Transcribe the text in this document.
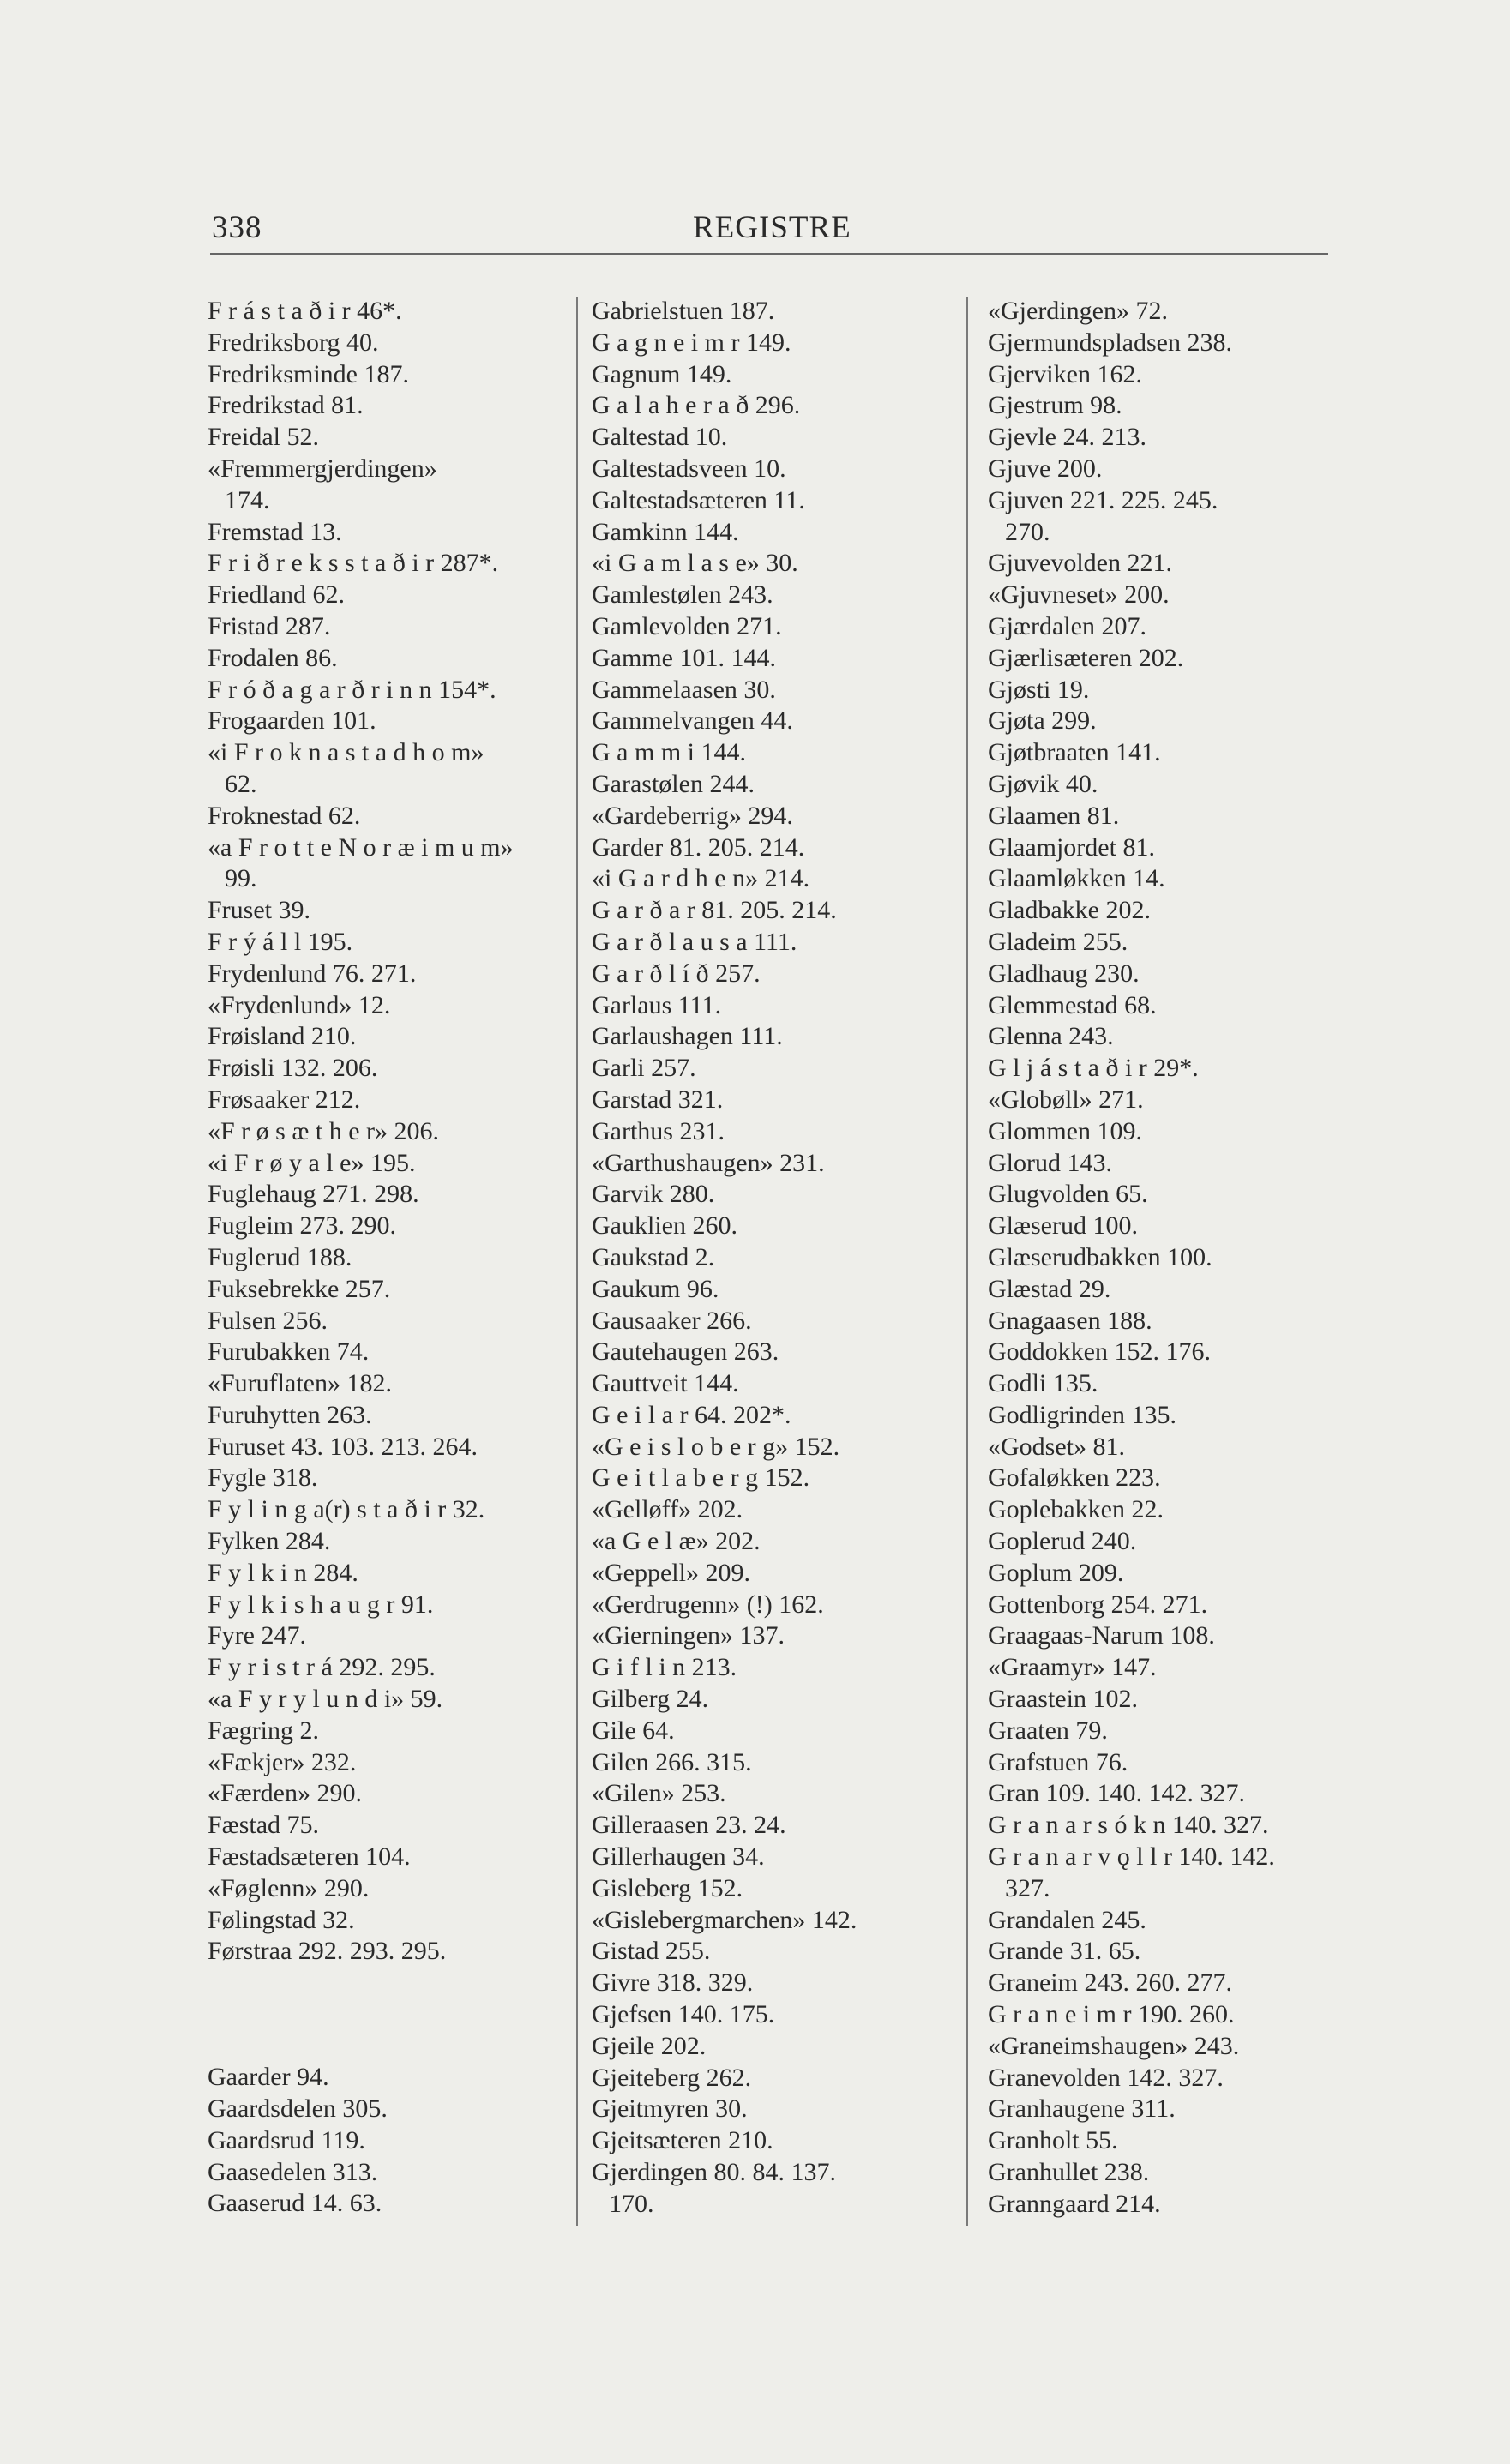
338	REGISTRE
F r á s t a ð i r 46*.
Fredriksborg 40.
Fredriksminde 187.
Fredrikstad 81.
Freidal 52.
«Fremmergjerdingen»
174.
Fremstad 13.
F r i ð r e k s s t a ð i r 287*.
Friedland 62.
Fristad 287.
Frodalen 86.
F r ó ð a g a r ð r i n n 154*.
Frogaarden 101.
«i F r o k n a s t a d h o m»
62.
Froknestad 62.
«a F r o t t e N o r æ i m u m»
99.
Fruset 39.
F r ý á l l 195.
Frydenlund 76. 271.
«Frydenlund» 12.
Frøisland 210.
Frøisli 132. 206.
Frøsaaker 212.
«F r ø s æ t h e r» 206.
«i F r ø y a l e» 195.
Fuglehaug 271. 298.
Fugleim 273. 290.
Fuglerud 188.
Fuksebrekke 257.
Fulsen 256.
Furubakken 74.
«Furuflaten» 182.
Furuhytten 263.
Furuset 43. 103. 213. 264.
Fygle 318.
F y l i n g a(r) s t a ð i r 32.
Fylken 284.
F y l k i n 284.
F y l k i s h a u g r 91.
Fyre 247.
F y r i s t r á 292. 295.
«a F y r y l u n d i» 59.
Fægring 2.
«Fækjer» 232.
«Færden» 290.
Fæstad 75.
Fæstadsæteren 104.
«Føglenn» 290.
Følingstad 32.
Førstraa 292. 293. 295.
Gaarder 94.
Gaardsdelen 305.
Gaardsrud 119.
Gaasedelen 313.
Gaaserud 14. 63.
Gabrielstuen 187.
G a g n e i m r 149.
Gagnum 149.
G a l a h e r a ð 296.
Galtestad 10.
Galtestadsveen 10.
Galtestadsæteren 11.
Gamkinn 144.
«i G a m l a s e» 30.
Gamlestølen 243.
Gamlevolden 271.
Gamme 101. 144.
Gammelaasen 30.
Gammelvangen 44.
G a m m i 144.
Garastølen 244.
«Gardeberrig» 294.
Garder 81. 205. 214.
«i G a r d h e n» 214.
G a r ð a r 81. 205. 214.
G a r ð l a u s a 111.
G a r ð l í ð 257.
Garlaus 111.
Garlaushagen 111.
Garli 257.
Garstad 321.
Garthus 231.
«Garthushaugen» 231.
Garvik 280.
Gauklien 260.
Gaukstad 2.
Gaukum 96.
Gausaaker 266.
Gautehaugen 263.
Gauttveit 144.
G e i l a r 64. 202*.
«G e i s l o b e r g» 152.
G e i t l a b e r g 152.
«Gelløff» 202.
«a G e l æ» 202.
«Geppell» 209.
«Gerdrugenn» (!) 162.
«Gierningen» 137.
G i f l i n 213.
Gilberg 24.
Gile 64.
Gilen 266. 315.
«Gilen» 253.
Gilleraasen 23. 24.
Gillerhaugen 34.
Gisleberg 152.
«Gislebergmarchen» 142.
Gistad 255.
Givre 318. 329.
Gjefsen 140. 175.
Gjeile 202.
Gjeiteberg 262.
Gjeitmyren 30.
Gjeitsæteren 210.
Gjerdingen 80. 84. 137.
170.
«Gjerdingen» 72.
Gjermundspladsen 238.
Gjerviken 162.
Gjestrum 98.
Gjevle 24. 213.
Gjuve 200.
Gjuven 221. 225. 245.
270.
Gjuvevolden 221.
«Gjuvneset» 200.
Gjærdalen 207.
Gjærlisæteren 202.
Gjøsti 19.
Gjøta 299.
Gjøtbraaten 141.
Gjøvik 40.
Glaamen 81.
Glaamjordet 81.
Glaamløkken 14.
Gladbakke 202.
Gladeim 255.
Gladhaug 230.
Glemmestad 68.
Glenna 243.
G l j á s t a ð i r 29*.
«Globøll» 271.
Glommen 109.
Glorud 143.
Glugvolden 65.
Glæserud 100.
Glæserudbakken 100.
Glæstad 29.
Gnagaasen 188.
Goddokken 152. 176.
Godli 135.
Godligrinden 135.
«Godset» 81.
Gofaløkken 223.
Goplebakken 22.
Goplerud 240.
Goplum 209.
Gottenborg 254. 271.
Graagaas-Narum 108.
«Graamyr» 147.
Graastein 102.
Graaten 79.
Grafstuen 76.
Gran 109. 140. 142. 327.
G r a n a r s ó k n 140. 327.
G r a n a r v ǫ l l r 140. 142.
327.
Grandalen 245.
Grande 31. 65.
Graneim 243. 260. 277.
G r a n e i m r 190. 260.
«Graneimshaugen» 243.
Granevolden 142. 327.
Granhaugene 311.
Granholt 55.
Granhullet 238.
Granngaard 214.
